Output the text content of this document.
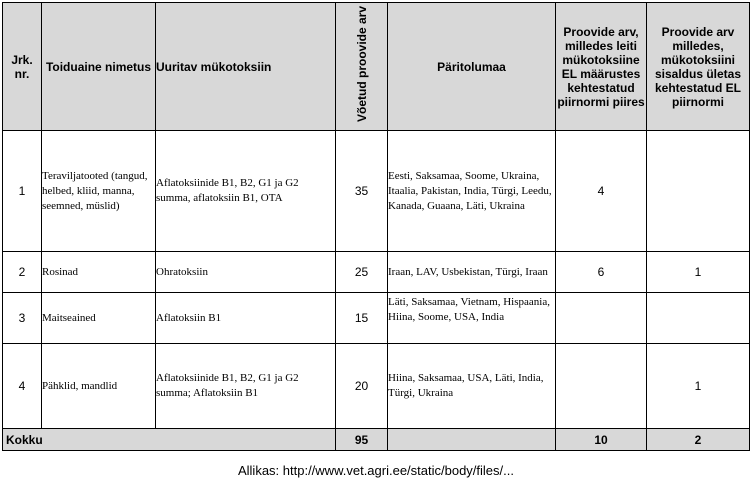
Jrk. nr.	Toiduaine nimetus	Uuritav mükotoksiin	Võetud proovide arv	Päritolumaa	Proovide arv, milledes leiti mükotoksiine EL määrustes kehtestatud piirnormi piires	Proovide arv milledes, mükotoksiini sisaldus ületas kehtestatud EL piirnormi
1	Teraviljatooted (tangud, helbed, kliid, manna, seemned, müslid)	Aflatoksiinide B1, B2, G1 ja G2 summa, aflatoksiin B1, OTA	35	Eesti, Saksamaa, Soome, Ukraina, Itaalia, Pakistan, India, Türgi, Leedu, Kanada, Guaana, Läti, Ukraina	4	
2	Rosinad	Ohratoksiin	25	Iraan, LAV, Usbekistan, Türgi, Iraan	6	1
3	Maitseained	Aflatoksiin B1	15	Läti, Saksamaa, Vietnam, Hispaania, Hiina, Soome, USA, India		
4	Pähklid, mandlid	Aflatoksiinide B1, B2, G1 ja G2 summa; Aflatoksiin B1	20	Hiina, Saksamaa, USA, Läti, India, Türgi, Ukraina		1
Kokku			95		10	2
Allikas: http://www.vet.agri.ee/static/body/files/...
